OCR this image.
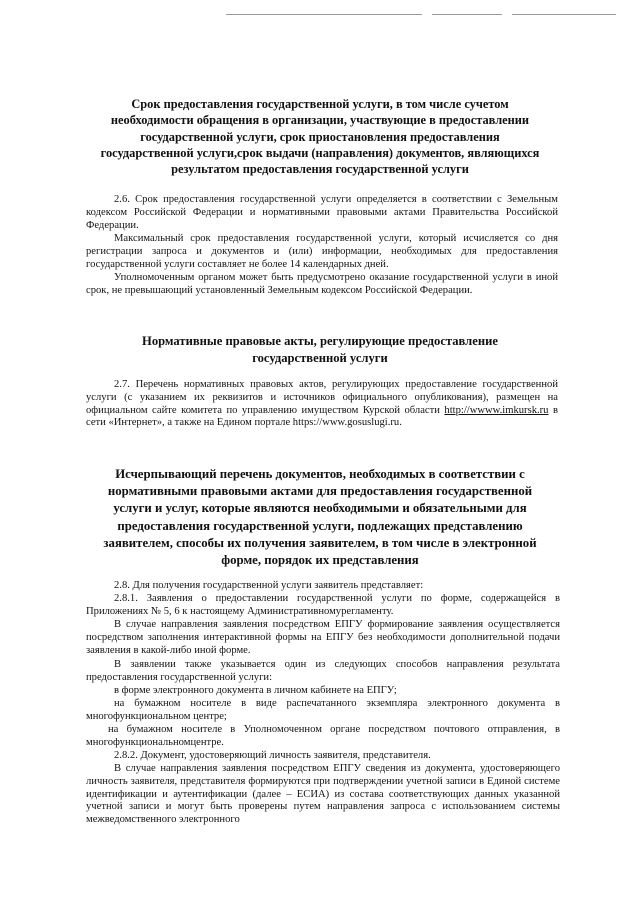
Срок предоставления государственной услуги, в том числе сучетом необходимости обращения в организации, участвующие в предоставлении государственной услуги, срок приостановления предоставления государственной услуги,срок выдачи (направления) документов, являющихся результатом предоставления государственной услуги

2.6. Срок предоставления государственной услуги определяется в соответствии с Земельным кодексом Российской Федерации и нормативными правовыми актами Правительства Российской Федерации.

Максимальный срок предоставления государственной услуги, который исчисляется со дня регистрации запроса и документов и (или) информации, необходимых для предоставления государственной услуги составляет не более 14 календарных дней.

Уполномоченным органом может быть предусмотрено оказание государственной услуги в иной срок, не превышающий установленный Земельным кодексом Российской Федерации.

Нормативные правовые акты, регулирующие предоставление государственной услуги

2.7. Перечень нормативных правовых актов, регулирующих предоставление государственной услуги (с указанием их реквизитов и источников официального опубликования), размещен на официальном сайте комитета по управлению имуществом Курской области http://wwww.imkursk.ru в сети «Интернет», а также на Едином портале https://www.gosuslugi.ru.

Исчерпывающий перечень документов, необходимых в соответствии с нормативными правовыми актами для предоставления государственной услуги и услуг, которые являются необходимыми и обязательными для предоставления государственной услуги, подлежащих представлению заявителем, способы их получения заявителем, в том числе в электронной форме, порядок их представления

2.8. Для получения государственной услуги заявитель представляет:

2.8.1. Заявления о предоставлении государственной услуги по форме, содержащейся в Приложениях № 5, 6 к настоящему Административномурегламенту.

В случае направления заявления посредством ЕПГУ формирование заявления осуществляется посредством заполнения интерактивной формы на ЕПГУ без необходимости дополнительной подачи заявления в какой-либо иной форме.

В заявлении также указывается один из следующих способов направления результата предоставления государственной услуги:

в форме электронного документа в личном кабинете на ЕПГУ;

на бумажном носителе в виде распечатанного экземпляра электронного документа в многофункциональном центре;

на бумажном носителе в Уполномоченном органе посредством почтового отправления, в многофункциональномцентре.

2.8.2. Документ, удостоверяющий личность заявителя, представителя.

В случае направления заявления посредством ЕПГУ сведения из документа, удостоверяющего личность заявителя, представителя формируются при подтверждении учетной записи в Единой системе идентификации и аутентификации (далее – ЕСИА) из состава соответствующих данных указанной учетной записи и могут быть проверены путем направления запроса с использованием системы межведомственного электронного
